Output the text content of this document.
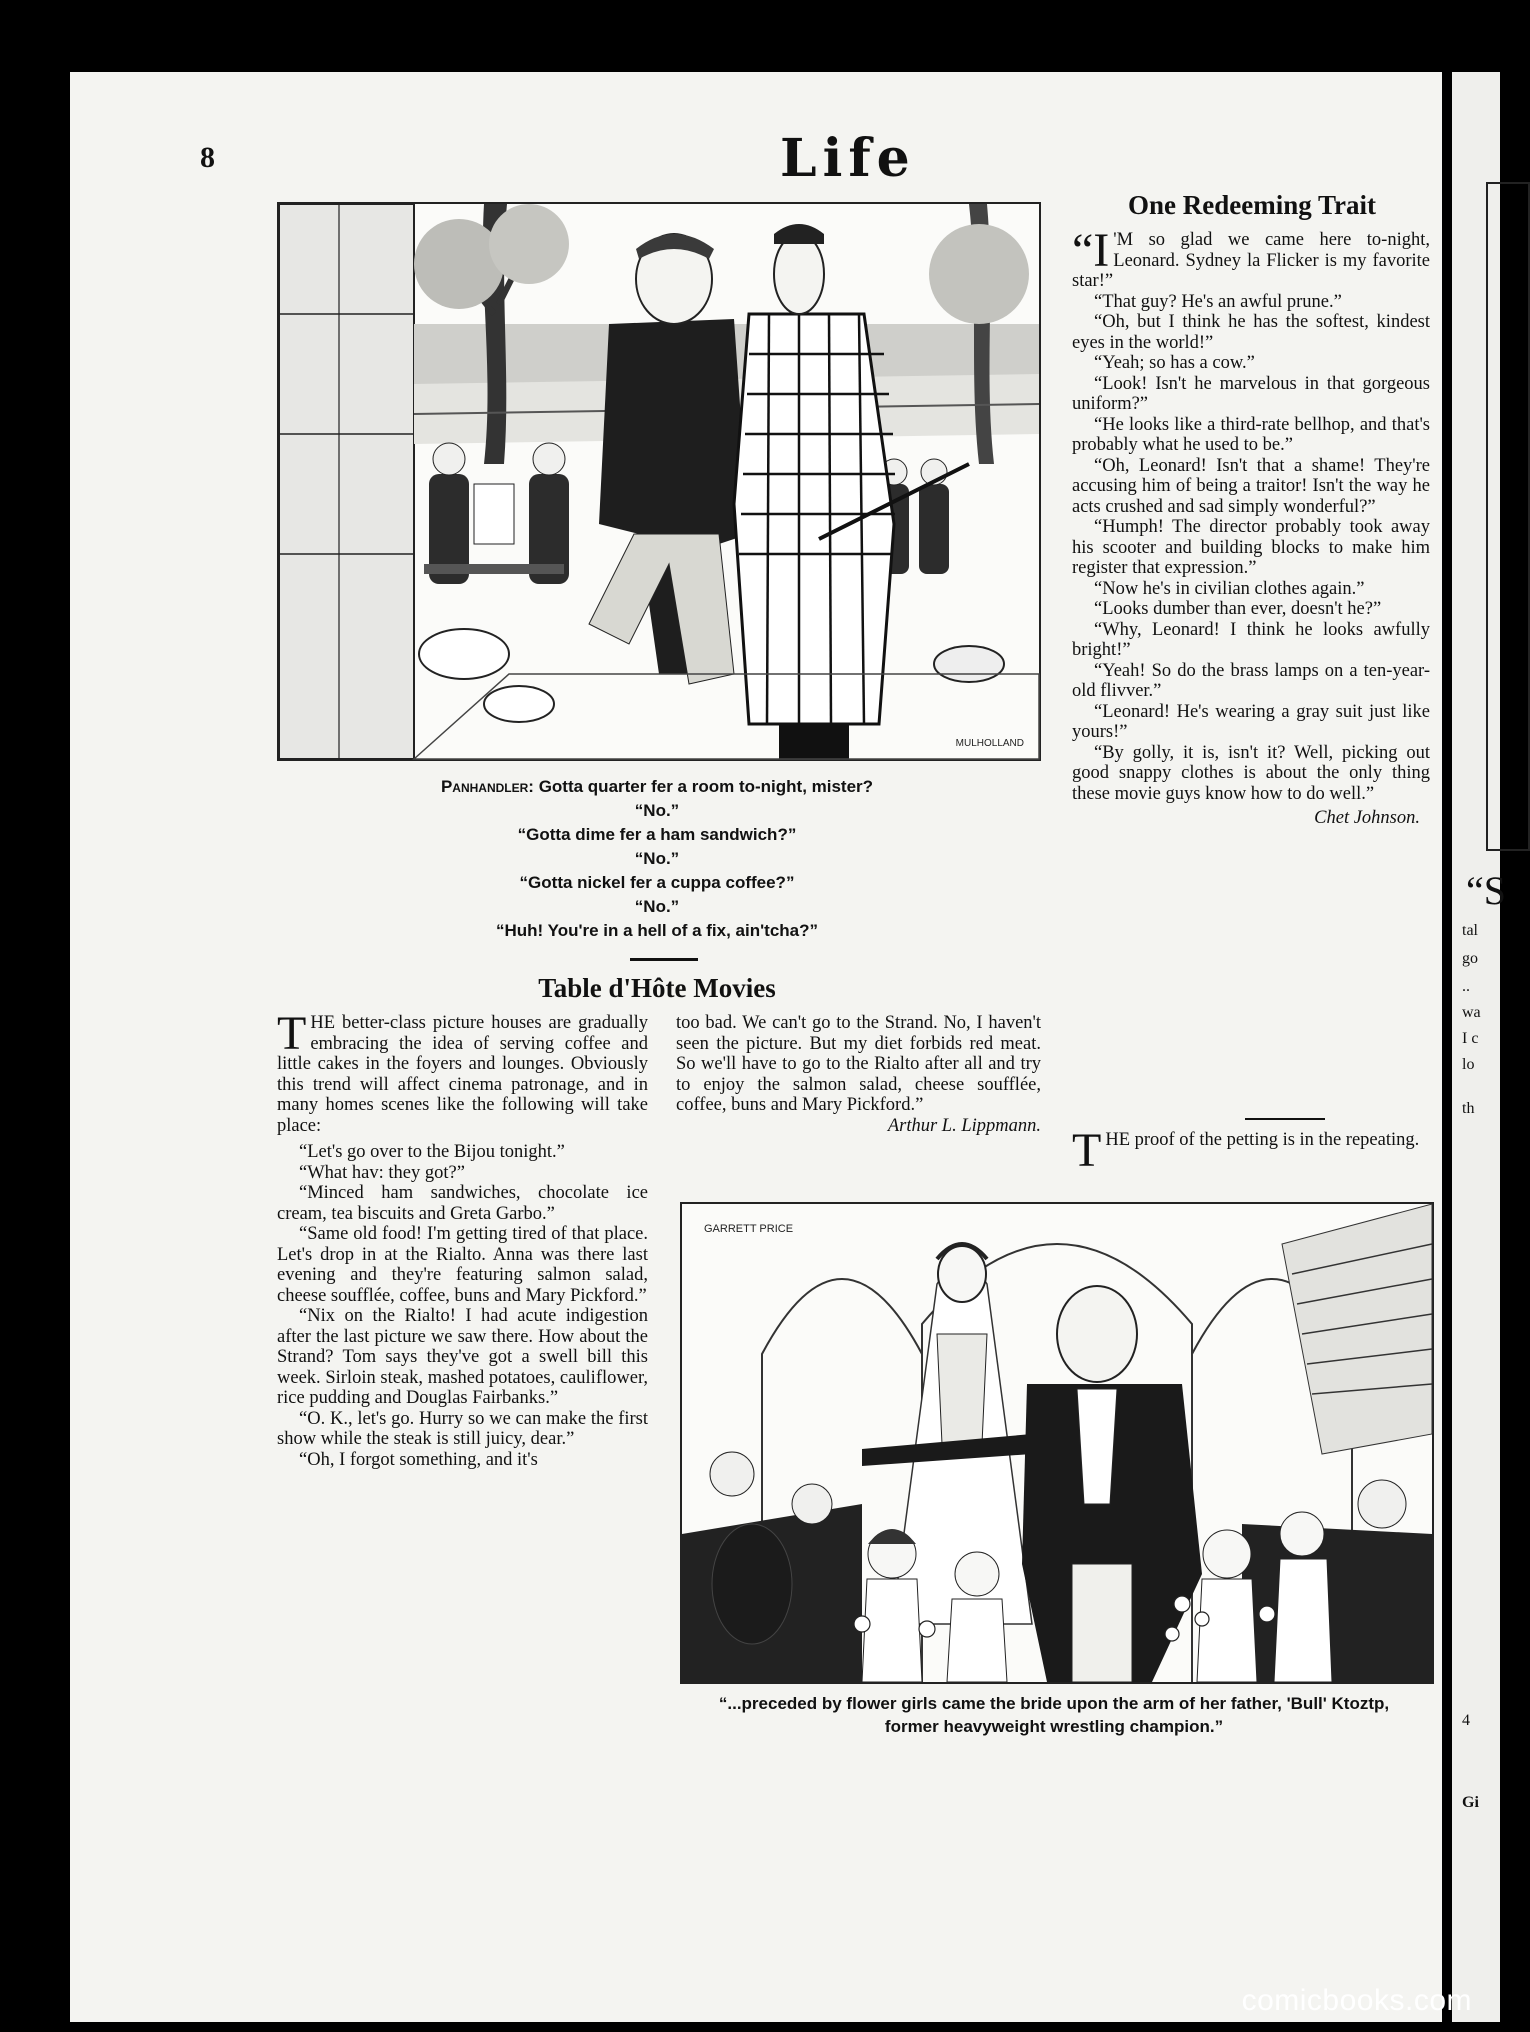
“S
tal
go
..
wa
I c
lo
th
4
Gi
8	Life
MULHOLLAND
Panhandler: Gotta quarter fer a room to-night, mister?
“No.”
“Gotta dime fer a ham sandwich?”
“No.”
“Gotta nickel fer a cuppa coffee?”
“No.”
“Huh! You're in a hell of a fix, ain'tcha?”
Table d'Hôte Movies

THE better-class picture houses are gradually embracing the idea of serving coffee and little cakes in the foyers and lounges. Obviously this trend will affect cinema patronage, and in many homes scenes like the following will take place:

“Let's go over to the Bijou tonight.”

“What hav: they got?”

“Minced ham sandwiches, chocolate ice cream, tea biscuits and Greta Garbo.”

“Same old food! I'm getting tired of that place. Let's drop in at the Rialto. Anna was there last evening and they're featuring salmon salad, cheese soufflée, coffee, buns and Mary Pickford.”

“Nix on the Rialto! I had acute indigestion after the last picture we saw there. How about the Strand? Tom says they've got a swell bill this week. Sirloin steak, mashed potatoes, cauliflower, rice pudding and Douglas Fairbanks.”

“O. K., let's go. Hurry so we can make the first show while the steak is still juicy, dear.”

“Oh, I forgot something, and it's

too bad. We can't go to the Strand. No, I haven't seen the picture. But my diet forbids red meat. So we'll have to go to the Rialto after all and try to enjoy the salmon salad, cheese soufflée, coffee, buns and Mary Pickford.”

Arthur L. Lippmann.

One Redeeming Trait

“I 'M so glad we came here to-night, Leonard. Sydney la Flicker is my favorite star!”

“That guy? He's an awful prune.”

“Oh, but I think he has the softest, kindest eyes in the world!”

“Yeah; so has a cow.”

“Look! Isn't he marvelous in that gorgeous uniform?”

“He looks like a third-rate bellhop, and that's probably what he used to be.”

“Oh, Leonard! Isn't that a shame! They're accusing him of being a traitor! Isn't the way he acts crushed and sad simply wonderful?”

“Humph! The director probably took away his scooter and building blocks to make him register that expression.”

“Now he's in civilian clothes again.”

“Looks dumber than ever, doesn't he?”

“Why, Leonard! I think he looks awfully bright!”

“Yeah! So do the brass lamps on a ten-year-old flivver.”

“Leonard! He's wearing a gray suit just like yours!”

“By golly, it is, isn't it? Well, picking out good snappy clothes is about the only thing these movie guys know how to do well.”

Chet Johnson.

THE proof of the petting is in the repeating.

GARRETT PRICE
“...preceded by flower girls came the bride upon the arm of her father, 'Bull' Ktoztp,
former heavyweight wrestling champion.”
comicbooks.com
